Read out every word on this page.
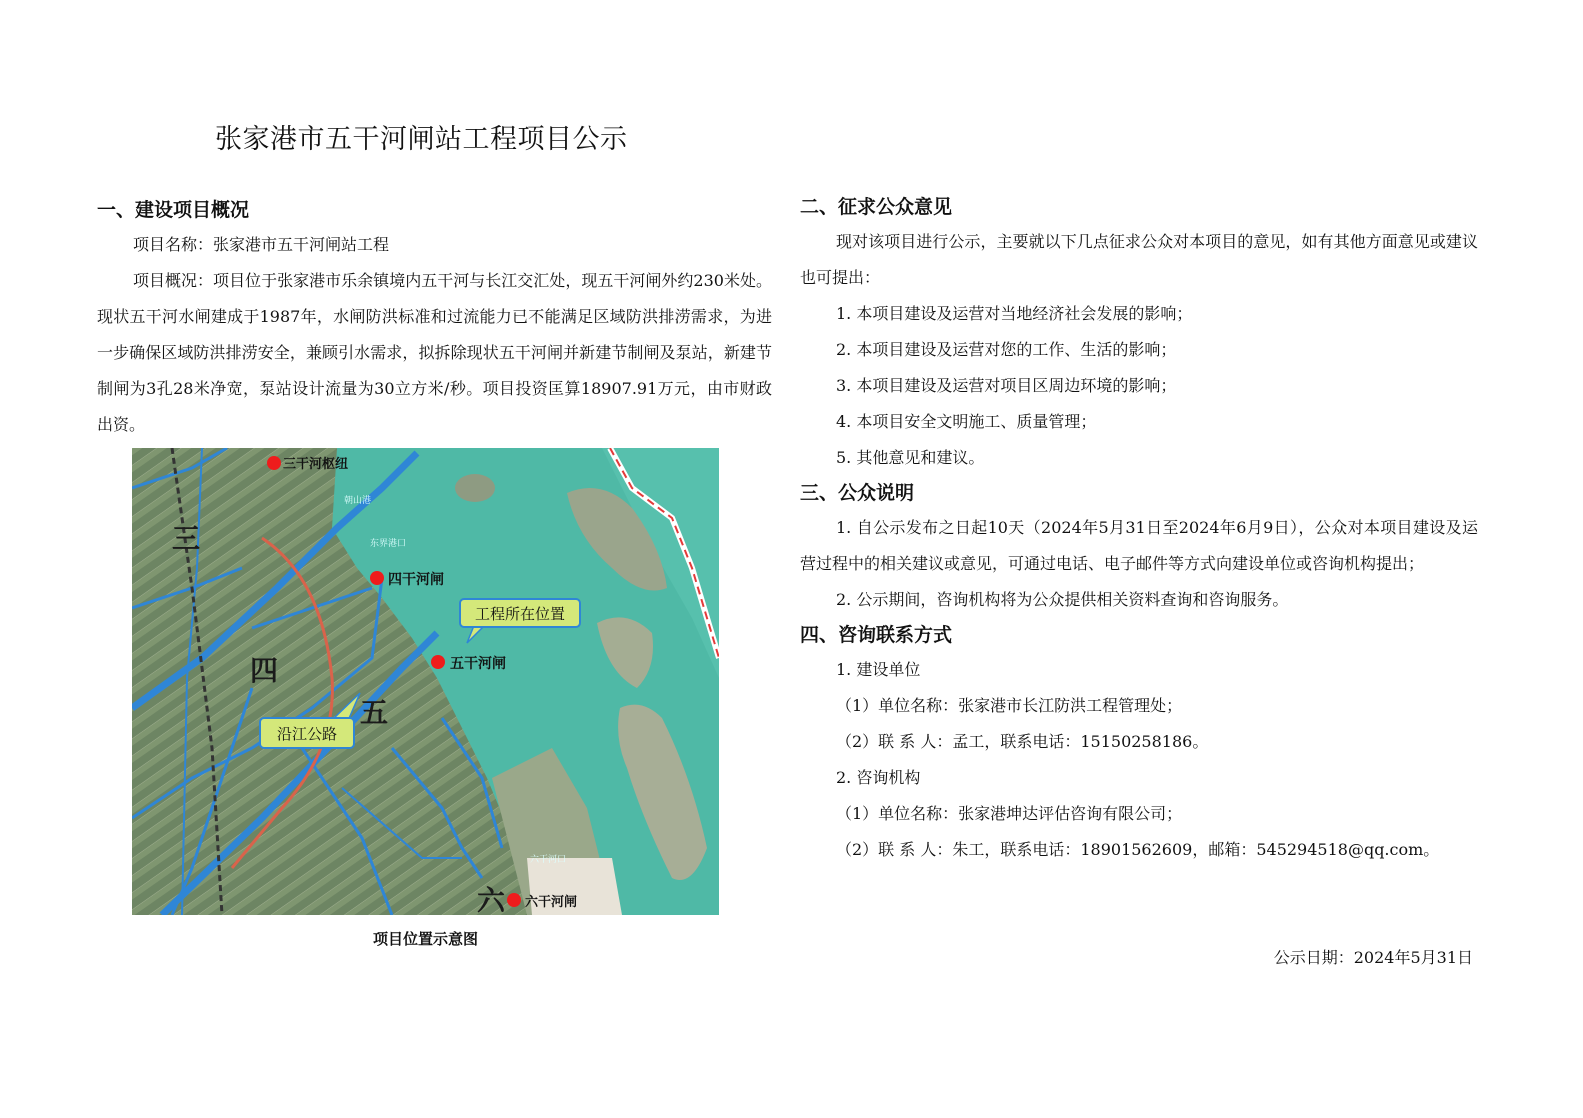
张家港市五干河闸站工程项目公示
一、建设项目概况

项目名称：张家港市五干河闸站工程

项目概况：项目位于张家港市乐余镇境内五干河与长江交汇处，现五干河闸外约230米处。现状五干河水闸建成于1987年，水闸防洪标准和过流能力已不能满足区域防洪排涝需求，为进一步确保区域防洪排涝安全，兼顾引水需求，拟拆除现状五干河闸并新建节制闸及泵站，新建节制闸为3孔28米净宽，泵站设计流量为30立方米/秒。项目投资匡算18907.91万元，由市财政出资。

三
四
五
六
朝山港
东界港口
六干河口
三干河枢纽
四干河闸
五干河闸
六干河闸
工程所在位置
沿江公路
项目位置示意图
二、征求公众意见

现对该项目进行公示，主要就以下几点征求公众对本项目的意见，如有其他方面意见或建议也可提出：

1. 本项目建设及运营对当地经济社会发展的影响；

2. 本项目建设及运营对您的工作、生活的影响；

3. 本项目建设及运营对项目区周边环境的影响；

4. 本项目安全文明施工、质量管理；

5. 其他意见和建议。

三、公众说明

1. 自公示发布之日起10天（2024年5月31日至2024年6月9日），公众对本项目建设及运营过程中的相关建议或意见，可通过电话、电子邮件等方式向建设单位或咨询机构提出；

2. 公示期间，咨询机构将为公众提供相关资料查询和咨询服务。

四、咨询联系方式

1. 建设单位

（1）单位名称：张家港市长江防洪工程管理处；

（2）联 系 人：孟工，联系电话：15150258186。

2. 咨询机构

（1）单位名称：张家港坤达评估咨询有限公司；

（2）联 系 人：朱工，联系电话：18901562609，邮箱：545294518@qq.com。

公示日期：2024年5月31日
